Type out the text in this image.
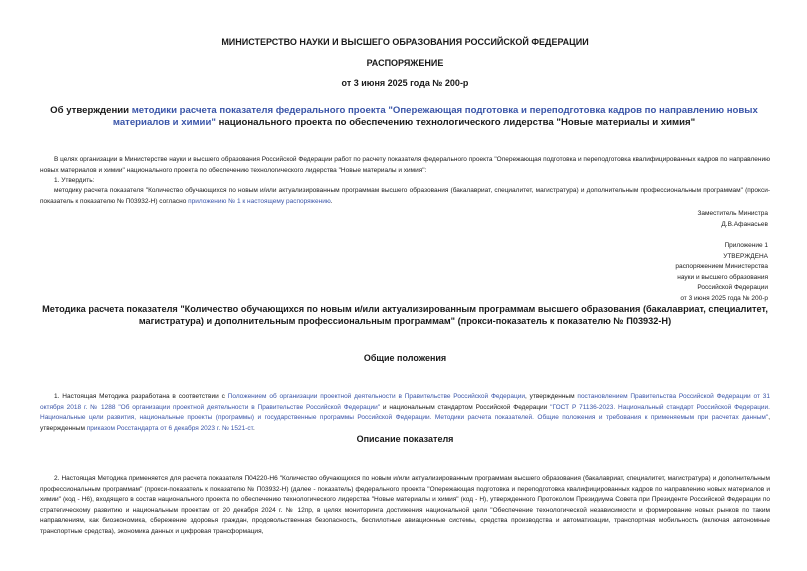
МИНИСТЕРСТВО НАУКИ И ВЫСШЕГО ОБРАЗОВАНИЯ РОССИЙСКОЙ ФЕДЕРАЦИИ
РАСПОРЯЖЕНИЕ
от 3 июня 2025 года № 200-р
Об утверждении методики расчета показателя федерального проекта "Опережающая подготовка и переподготовка кадров по направлению новых материалов и химии" национального проекта по обеспечению технологического лидерства "Новые материалы и химия"
В целях организации в Министерстве науки и высшего образования Российской Федерации работ по расчету показателя федерального проекта "Опережающая подготовка и переподготовка квалифицированных кадров по направлению новых материалов и химии" национального проекта по обеспечению технологического лидерства "Новые материалы и химия":
1. Утвердить:
методику расчета показателя "Количество обучающихся по новым и/или актуализированным программам высшего образования (бакалавриат, специалитет, магистратура) и дополнительным профессиональным программам" (прокси-показатель к показателю № П03932-Н) согласно приложению № 1 к настоящему распоряжению.
Заместитель Министра
Д.В.Афанасьев
Приложение 1
УТВЕРЖДЕНА
распоряжением Министерства
науки и высшего образования
Российской Федерации
от 3 июня 2025 года № 200-р
Методика расчета показателя "Количество обучающихся по новым и/или актуализированным программам высшего образования (бакалавриат, специалитет, магистратура) и дополнительным профессиональным программам" (прокси-показатель к показателю № П03932-Н)
Общие положения
1. Настоящая Методика разработана в соответствии с Положением об организации проектной деятельности в Правительстве Российской Федерации, утвержденным постановлением Правительства Российской Федерации от 31 октября 2018 г. № 1288 "Об организации проектной деятельности в Правительстве Российской Федерации" и национальным стандартом Российской Федерации "ГОСТ Р 71136-2023. Национальный стандарт Российской Федерации. Национальные цели развития, национальные проекты (программы) и государственные программы Российской Федерации. Методики расчета показателей. Общие положения и требования к применяемым при расчетах данным", утвержденным приказом Росстандарта от 6 декабря 2023 г. № 1521-ст.
Описание показателя
2. Настоящая Методика применяется для расчета показателя П04220-Н6 "Количество обучающихся по новым и/или актуализированным программам высшего образования (бакалавриат, специалитет, магистратура) и дополнительным профессиональным программам" (прокси-показатель к показателю № П03932-Н) (далее - показатель) федерального проекта "Опережающая подготовка и переподготовка квалифицированных кадров по направлению новых материалов и химии" (код - Н6), входящего в состав национального проекта по обеспечению технологического лидерства "Новые материалы и химия" (код - Н), утвержденного Протоколом Президиума Совета при Президенте Российской Федерации по стратегическому развитию и национальным проектам от 20 декабря 2024 г. № 12пр, в целях мониторинга достижения национальной цели "Обеспечение технологической независимости и формирование новых рынков по таким направлениям, как биоэкономика, сбережение здоровья граждан, продовольственная безопасность, беспилотные авиационные системы, средства производства и автоматизации, транспортная мобильность (включая автономные транспортные средства), экономика данных и цифровая трансформация,
